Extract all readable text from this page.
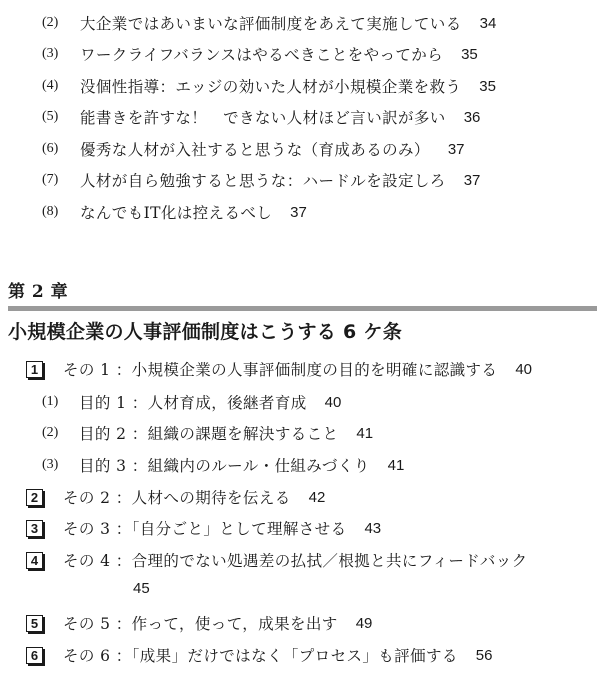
(2)	大企業ではあいまいな評価制度をあえて実施している 34
(3)	ワークライフバランスはやるべきことをやってから 35
(4)	没個性指導：エッジの効いた人材が小規模企業を救う 35
(5)	能書きを許すな！　できない人材ほど言い訳が多い 36
(6)	優秀な人材が入社すると思うな（育成あるのみ） 37
(7)	人材が自ら勉強すると思うな：ハードルを設定しろ 37
(8)	なんでもIT化は控えるべし 37
第 2 章
小規模企業の人事評価制度はこうする 6 ケ条
1	その 1 ：小規模企業の人事評価制度の目的を明確に認識する 40
(1)	目的 1 ：人材育成，後継者育成 40
(2)	目的 2 ：組織の課題を解決すること 41
(3)	目的 3 ：組織内のルール・仕組みづくり 41
2	その 2 ：人材への期待を伝える 42
3	その 3 ：「自分ごと」として理解させる 43
4	その 4 ：合理的でない処遇差の払拭／根拠と共にフィードバック
45
5	その 5 ：作って，使って，成果を出す 49
6	その 6 ：「成果」だけではなく「プロセス」も評価する 56
